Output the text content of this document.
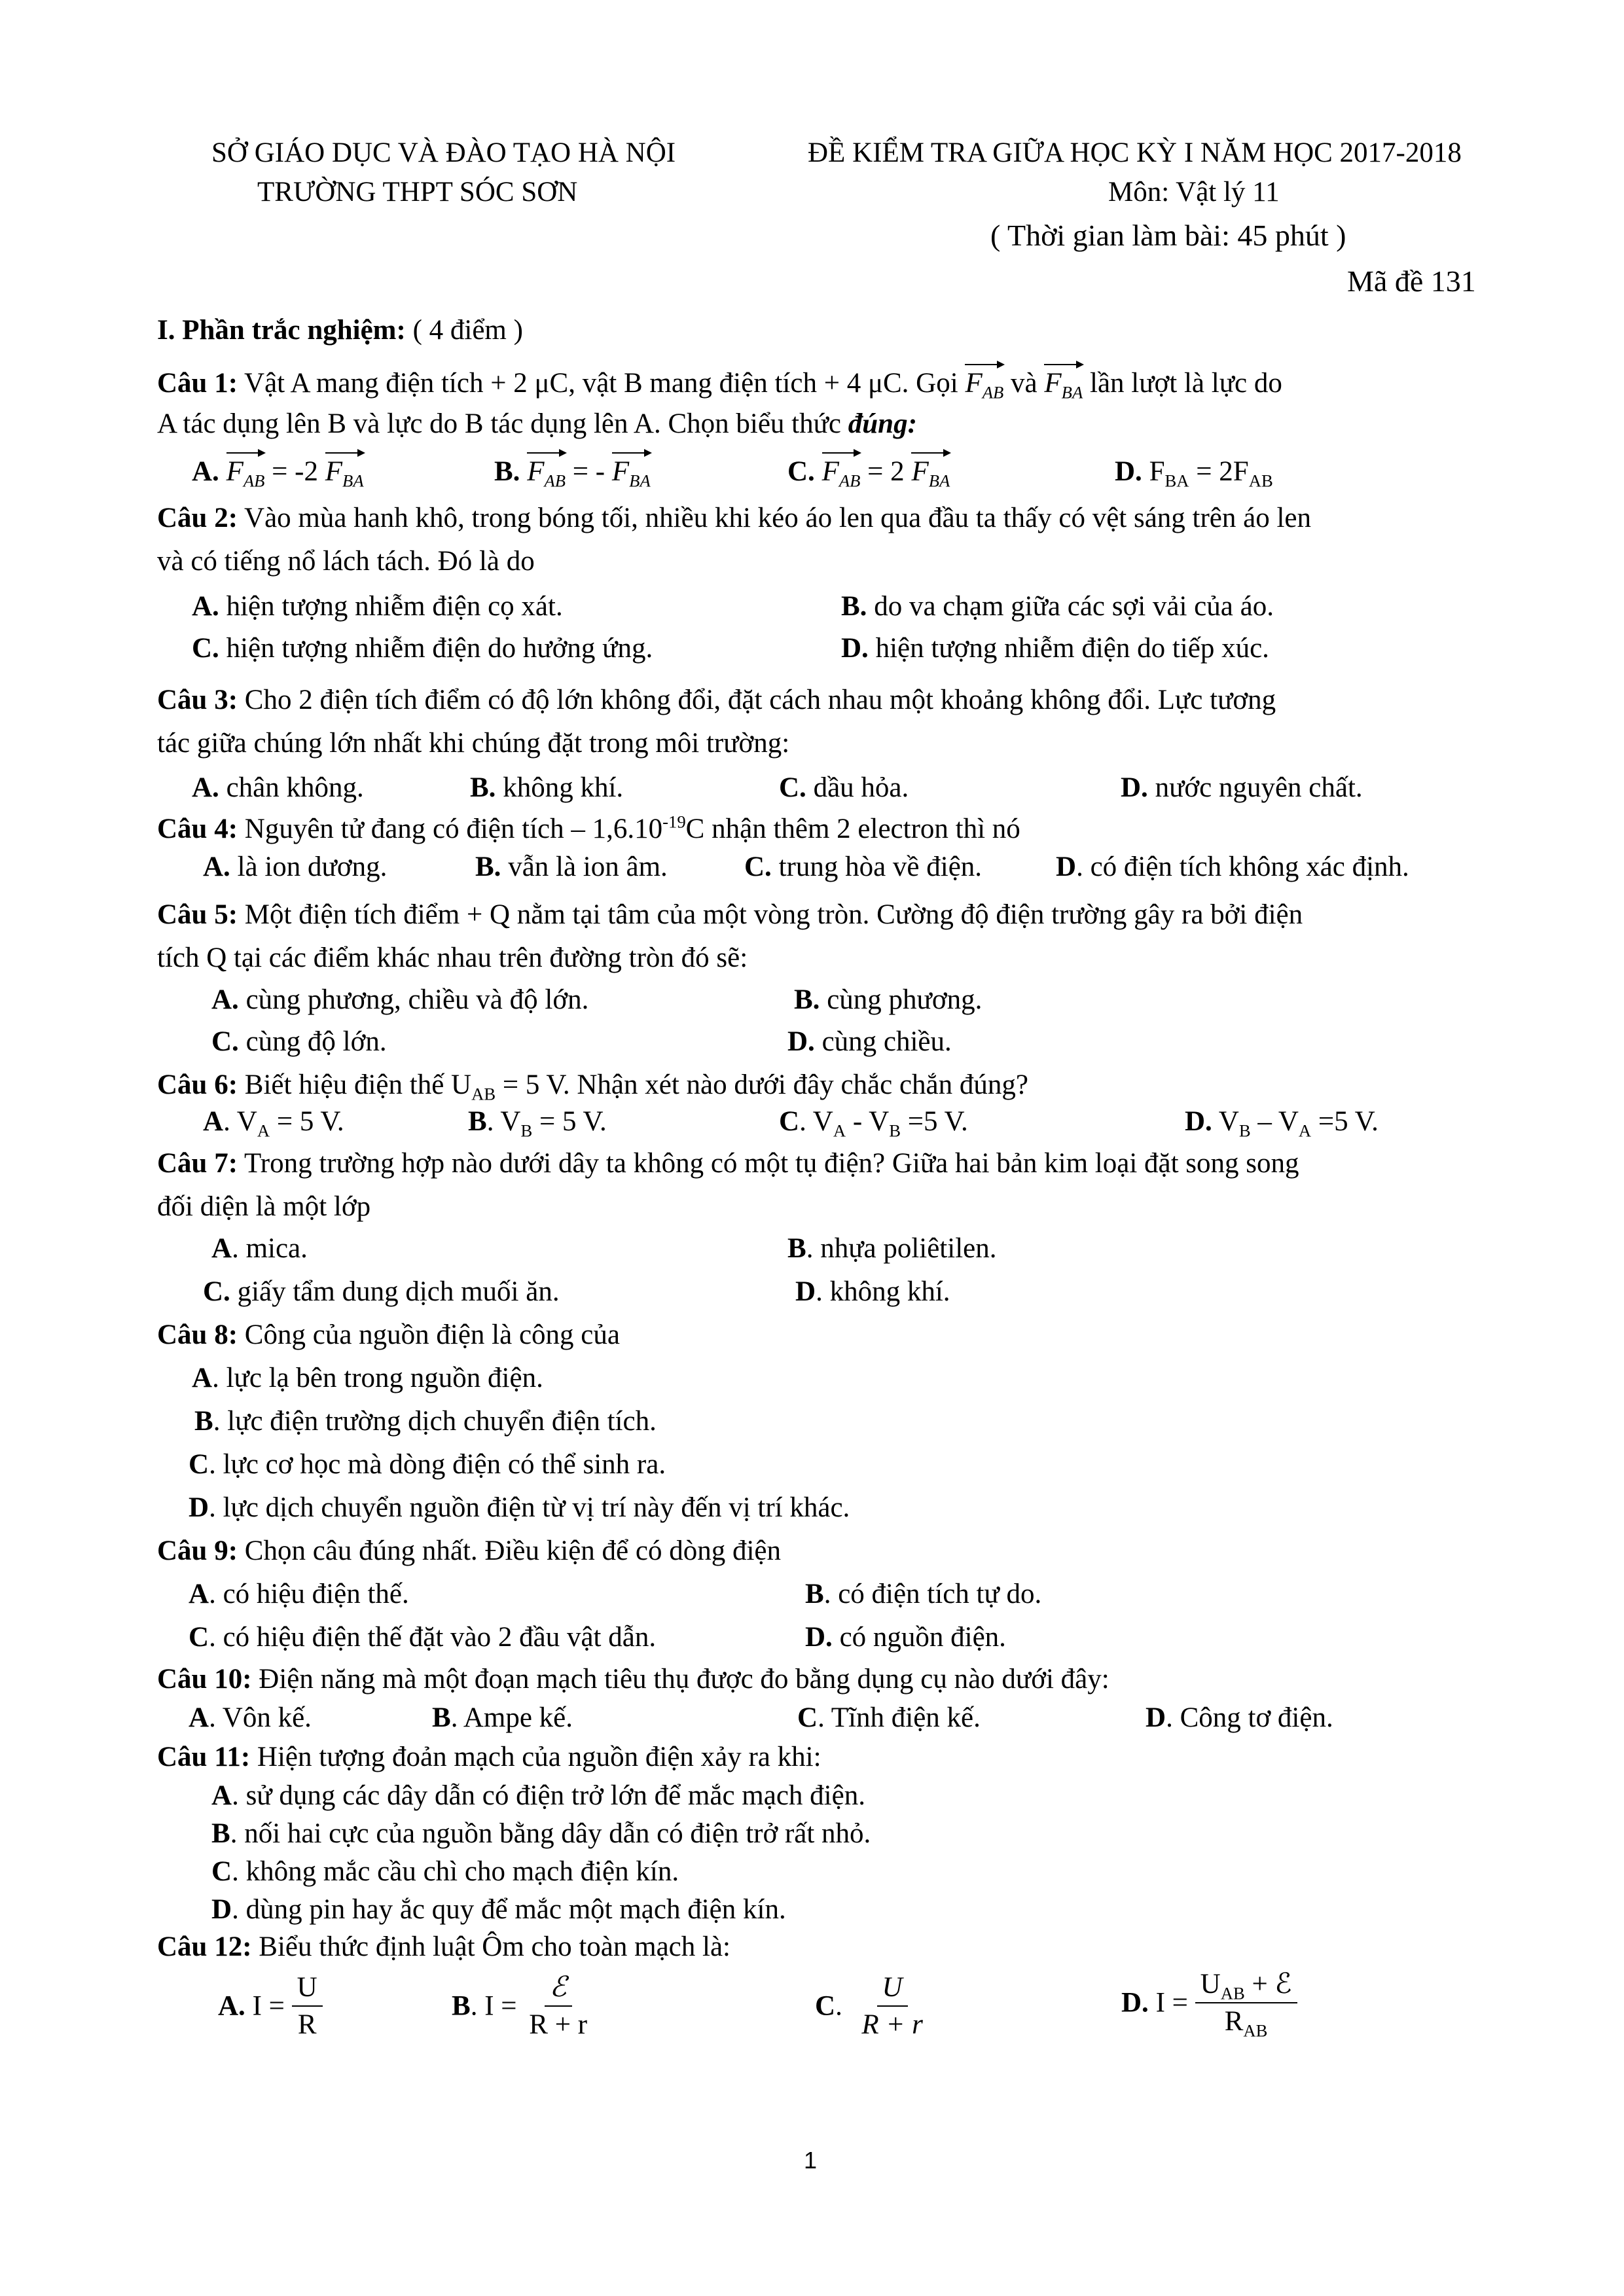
SỞ GIÁO DỤC VÀ ĐÀO TẠO HÀ NỘI
TRƯỜNG THPT SÓC SƠN
ĐỀ KIỂM TRA GIỮA HỌC KỲ I NĂM HỌC 2017-2018
Môn: Vật lý 11
( Thời gian làm bài: 45 phút )
Mã đề 131
I. Phần trắc nghiệm: ( 4 điểm )
Câu 1: Vật A mang điện tích + 2 μC, vật B mang điện tích + 4 μC. Gọi
$F_{AB}$ và
$F_{BA}$ lần lượt là lực do
A tác dụng lên B và lực do B tác dụng lên A. Chọn biểu thức đúng:
A. $F_{AB} = -2$
$F_{BA}$	B. $F_{AB}$ = -
$F_{BA}$	C. $F_{AB} = 2$
$F_{BA}$	D. $F_{BA} = 2F_{AB}$
Câu 2: Vào mùa hanh khô, trong bóng tối, nhiều khi kéo áo len qua đầu ta thấy có vệt sáng trên áo len
và có tiếng nổ lách tách. Đó là do
A. hiện tượng nhiễm điện cọ xát.	B. do va chạm giữa các sợi vải của áo.
C. hiện tượng nhiễm điện do hưởng ứng.	D. hiện tượng nhiễm điện do tiếp xúc.
Câu 3: Cho 2 điện tích điểm có độ lớn không đổi, đặt cách nhau một khoảng không đổi. Lực tương
tác giữa chúng lớn nhất khi chúng đặt trong môi trường:
A. chân không.	B. không khí.	C. dầu hỏa.	D. nước nguyên chất.
Câu 4: Nguyên tử đang có điện tích – $1,6.10^{-19}C$ nhận thêm 2 electron thì nó
A. là ion dương.	B. vẫn là ion âm.	C. trung hòa về điện.	D. có điện tích không xác định.
Câu 5: Một điện tích điểm + Q nằm tại tâm của một vòng tròn. Cường độ điện trường gây ra bởi điện
tích Q tại các điểm khác nhau trên đường tròn đó sẽ:
A. cùng phương, chiều và độ lớn.	B. cùng phương.
C. cùng độ lớn.	D. cùng chiều.
Câu 6: Biết hiệu điện thế $U_{AB} = 5$ V. Nhận xét nào dưới đây chắc chắn đúng?
A. $V_A = 5$ V.	B. $V_B = 5$ V.	C. $V_A - V_B =5$ V.	D. $V_B - V_A =5$ V.
Câu 7: Trong trường hợp nào dưới dây ta không có một tụ điện? Giữa hai bản kim loại đặt song song
đối diện là một lớp
A. mica.	B. nhựa poliêtilen.
C. giấy tẩm dung dịch muối ăn.	D. không khí.
Câu 8: Công của nguồn điện là công của
A. lực lạ bên trong nguồn điện.
B. lực điện trường dịch chuyển điện tích.
C. lực cơ học mà dòng điện có thể sinh ra.
D. lực dịch chuyển nguồn điện từ vị trí này đến vị trí khác.
Câu 9: Chọn câu đúng nhất. Điều kiện để có dòng điện
A. có hiệu điện thế.	B. có điện tích tự do.
C. có hiệu điện thế đặt vào 2 đầu vật dẫn.	D. có nguồn điện.
Câu 10: Điện năng mà một đoạn mạch tiêu thụ được đo bằng dụng cụ nào dưới đây:
A. Vôn kế.	B. Ampe kế.	C. Tĩnh điện kế.	D. Công tơ điện.
Câu 11: Hiện tượng đoản mạch của nguồn điện xảy ra khi:
A. sử dụng các dây dẫn có điện trở lớn để mắc mạch điện.
B. nối hai cực của nguồn bằng dây dẫn có điện trở rất nhỏ.
C. không mắc cầu chì cho mạch điện kín.
D. dùng pin hay ắc quy để mắc một mạch điện kín.
Câu 12: Biểu thức định luật Ôm cho toàn mạch là:
A. $I = \frac{U}{R}$	B. $I = \frac{\text{ℰ}}{R + r}$	C. $\frac{U}{R + r}$	D. $I = \frac{U_{AB} + ℰ}{R_{AB}}$
1
